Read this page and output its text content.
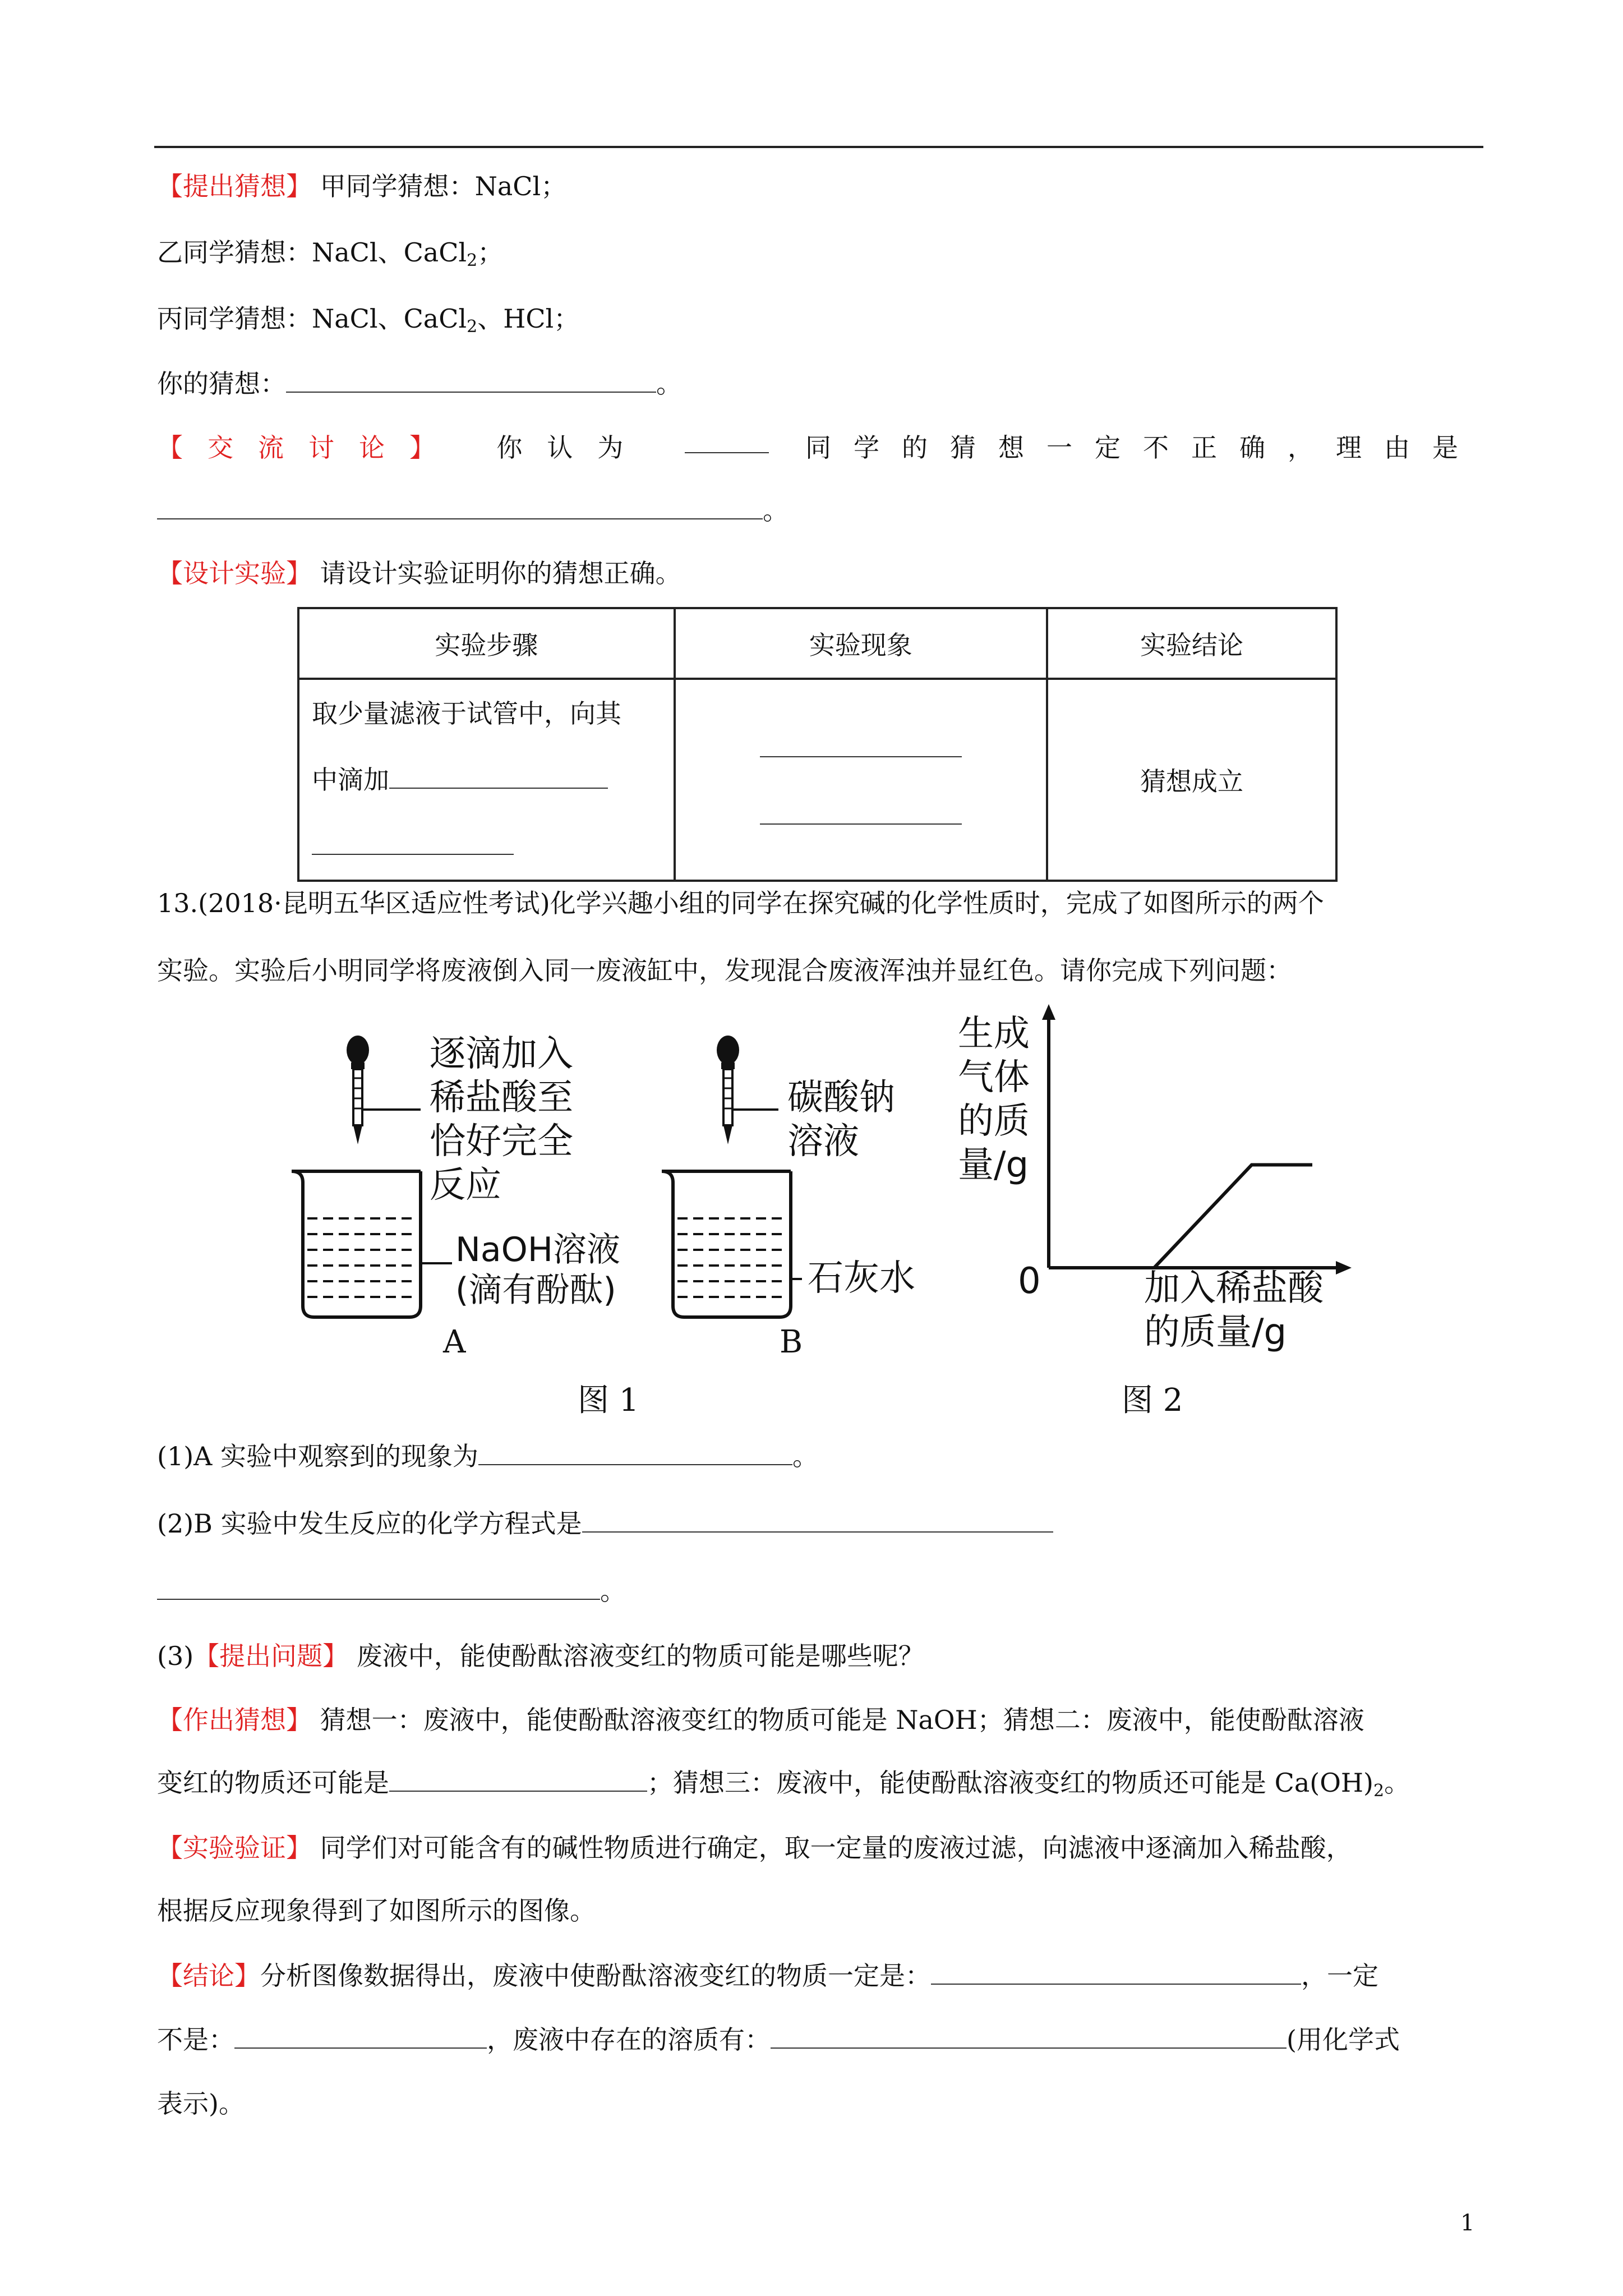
【提出猜想】 甲同学猜想：NaCl；
乙同学猜想：NaCl、CaCl$_2$；
丙同学猜想：NaCl、CaCl$_2$、HCl；
你的猜想：	。
【交流讨论】 你认为	同学的猜想一定不正确，理由是
。
【设计实验】 请设计实验证明你的猜想正确。
实验步骤	实验现象	实验结论

取少量滤液于试管中，向其
中滴加		猜想成立
13.(2018·昆明五华区适应性考试)化学兴趣小组的同学在探究碱的化学性质时，完成了如图所示的两个
实验。实验后小明同学将废液倒入同一废液缸中，发现混合废液浑浊并显红色。请你完成下列问题：
逐滴加入
稀盐酸至
恰好完全
反应
NaOH溶液
(滴有酚酞)
A
碳酸钠
溶液
石灰水
B
图 1
生成
气体
的质
量/g
0	加入稀盐酸
的质量/g
图 2
(1)A 实验中观察到的现象为	。
(2)B 实验中发生反应的化学方程式是
。
(3)【提出问题】 废液中，能使酚酞溶液变红的物质可能是哪些呢？
【作出猜想】 猜想一：废液中，能使酚酞溶液变红的物质可能是 NaOH；猜想二：废液中，能使酚酞溶液
变红的物质还可能是	；猜想三：废液中，能使酚酞溶液变红的物质还可能是 $Ca(OH)_2$。
【实验验证】 同学们对可能含有的碱性物质进行确定，取一定量的废液过滤，向滤液中逐滴加入稀盐酸，
根据反应现象得到了如图所示的图像。
【结论】分析图像数据得出，废液中使酚酞溶液变红的物质一定是：	，一定
不是：	，废液中存在的溶质有：	(用化学式
表示)。
1
